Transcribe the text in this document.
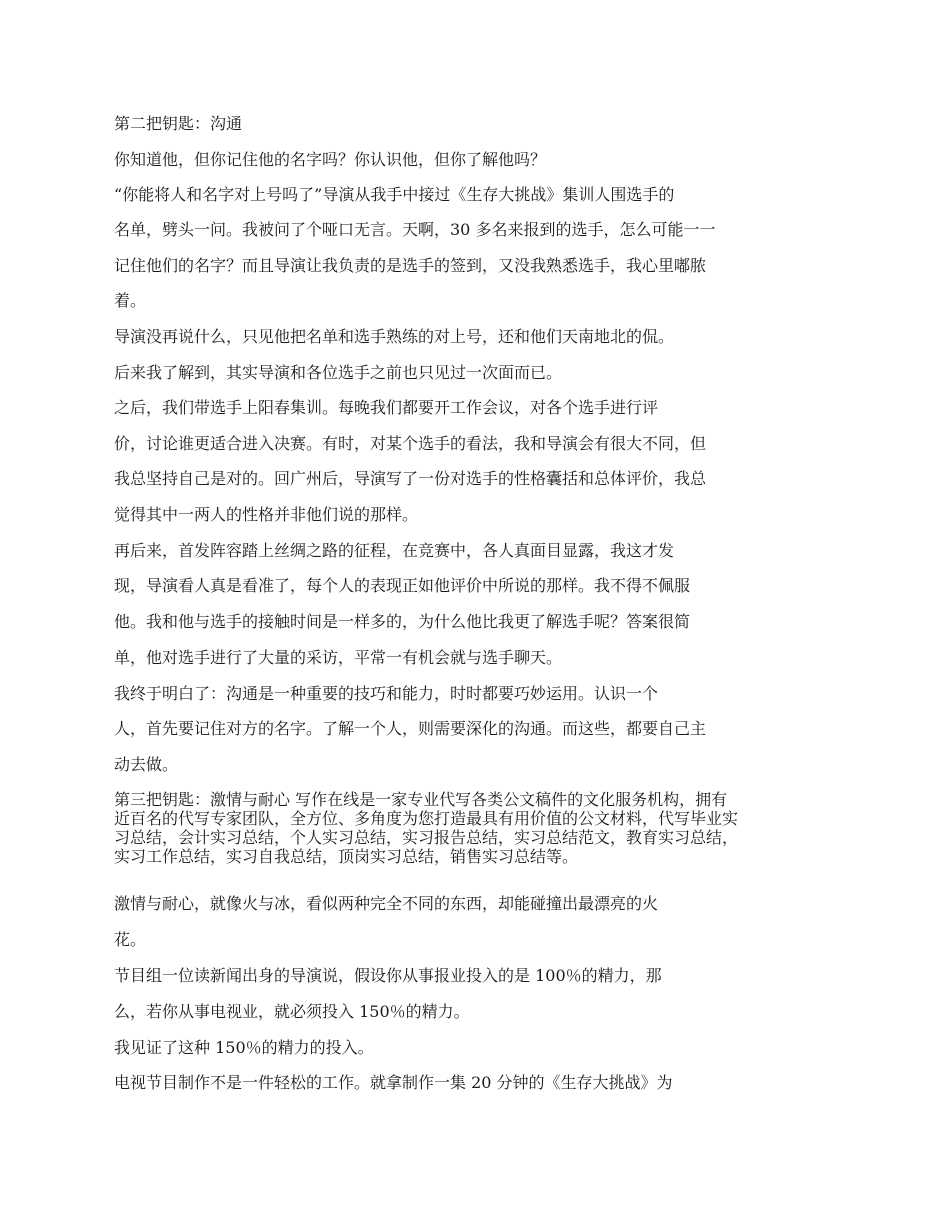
第二把钥匙：沟通
你知道他，但你记住他的名字吗？你认识他，但你了解他吗？
“你能将人和名字对上号吗了”导演从我手中接过《生存大挑战》集训人围选手的
名单，劈头一问。我被问了个哑口无言。天啊，30 多名来报到的选手，怎么可能一一
记住他们的名字？而且导演让我负责的是选手的签到，又没我熟悉选手，我心里嘟脓
着。
导演没再说什么，只见他把名单和选手熟练的对上号，还和他们天南地北的侃。
后来我了解到，其实导演和各位选手之前也只见过一次面而已。
之后，我们带选手上阳春集训。每晚我们都要开工作会议，对各个选手进行评
价，讨论谁更适合进入决赛。有时，对某个选手的看法，我和导演会有很大不同，但
我总坚持自己是对的。回广州后，导演写了一份对选手的性格囊括和总体评价，我总
觉得其中一两人的性格并非他们说的那样。
再后来，首发阵容踏上丝绸之路的征程，在竞赛中，各人真面目显露，我这才发
现，导演看人真是看准了，每个人的表现正如他评价中所说的那样。我不得不佩服
他。我和他与选手的接触时间是一样多的，为什么他比我更了解选手呢？答案很简
单，他对选手进行了大量的采访，平常一有机会就与选手聊天。
我终于明白了：沟通是一种重要的技巧和能力，时时都要巧妙运用。认识一个
人，首先要记住对方的名字。了解一个人，则需要深化的沟通。而这些，都要自己主
动去做。
第三把钥匙：激情与耐心 写作在线是一家专业代写各类公文稿件的文化服务机构，拥有
近百名的代写专家团队，全方位、多角度为您打造最具有用价值的公文材料，代写毕业实
习总结，会计实习总结，个人实习总结，实习报告总结，实习总结范文，教育实习总结，
实习工作总结，实习自我总结，顶岗实习总结，销售实习总结等。
激情与耐心，就像火与冰，看似两种完全不同的东西，却能碰撞出最漂亮的火
花。
节目组一位读新闻出身的导演说，假设你从事报业投入的是 100％的精力，那
么，若你从事电视业，就必须投入 150％的精力。
我见证了这种 150％的精力的投入。
电视节目制作不是一件轻松的工作。就拿制作一集 20 分钟的《生存大挑战》为
